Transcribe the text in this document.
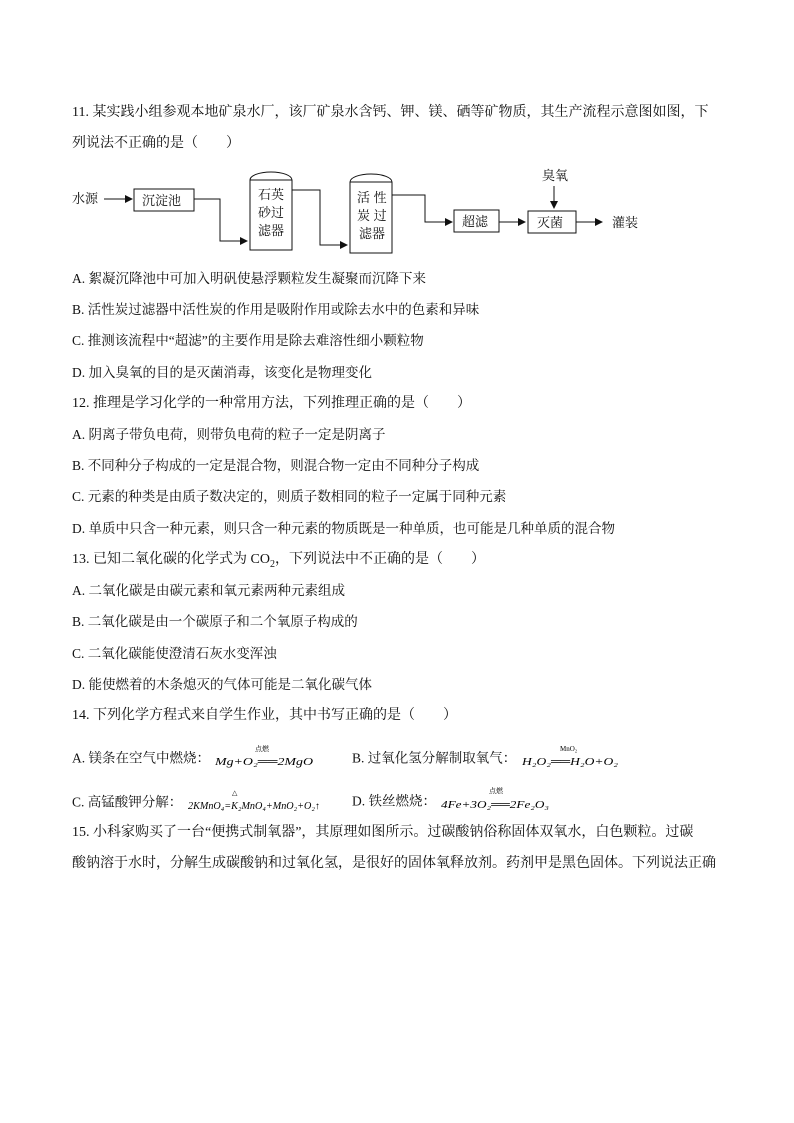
11. 某实践小组参观本地矿泉水厂，该厂矿泉水含钙、钾、镁、硒等矿物质，其生产流程示意图如图，下
列说法不正确的是（　　）
水源	沉淀池	石英
砂过
滤器
活 性
炭 过
滤器
超滤
臭氧
灭菌	灌装
A. 絮凝沉降池中可加入明矾使悬浮颗粒发生凝聚而沉降下来
B. 活性炭过滤器中活性炭的作用是吸附作用或除去水中的色素和异味
C. 推测该流程中“超滤”的主要作用是除去难溶性细小颗粒物
D. 加入臭氧的目的是灭菌消毒，该变化是物理变化
12. 推理是学习化学的一种常用方法，下列推理正确的是（　　）
A. 阴离子带负电荷，则带负电荷的粒子一定是阴离子
B. 不同种分子构成的一定是混合物，则混合物一定由不同种分子构成
C. 元素的种类是由质子数决定的，则质子数相同的粒子一定属于同种元素
D. 单质中只含一种元素，则只含一种元素的物质既是一种单质，也可能是几种单质的混合物
13. 已知二氧化碳的化学式为 $CO_2$，下列说法中不正确的是（　　）
A. 二氧化碳是由碳元素和氧元素两种元素组成
B. 二氧化碳是由一个碳原子和二个氧原子构成的
C. 二氧化碳能使澄清石灰水变浑浊
D. 能使燃着的木条熄灭的气体可能是二氧化碳气体
14. 下列化学方程式来自学生作业，其中书写正确的是（　　）
A. 镁条在空气中燃烧：
点燃
Mg+O₂══2MgO	B. 过氧化氢分解制取氧气：
MnO₂
H₂O₂══H₂O+O₂
C. 高锰酸钾分解：
△
2KMnO₄=K₂MnO₄+MnO₂+O₂↑ D. 铁丝燃烧：
点燃
4Fe+3O₂══2Fe₂O₃
15. 小科家购买了一台“便携式制氧器”，其原理如图所示。过碳酸钠俗称固体双氧水，白色颗粒。过碳
酸钠溶于水时，分解生成碳酸钠和过氧化氢，是很好的固体氧释放剂。药剂甲是黑色固体。下列说法正确
